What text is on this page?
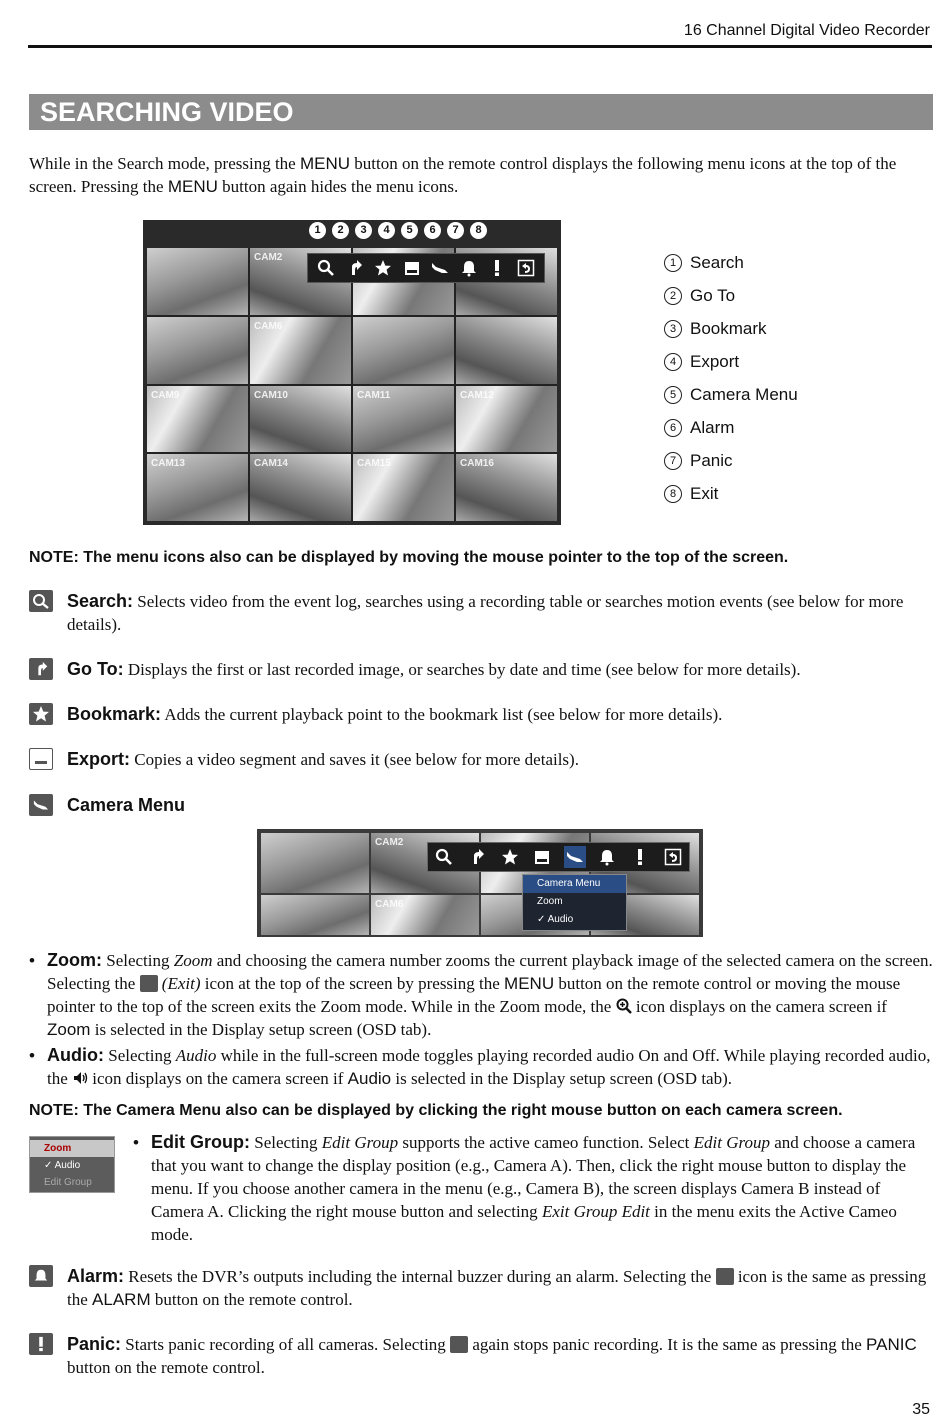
16 Channel Digital Video Recorder
SEARCHING VIDEO
While in the Search mode, pressing the MENU button on the remote control displays the following menu icons at the top of the screen. Pressing the MENU button again hides the menu icons.
CAM2
CAM6
CAM9	CAM10	CAM11	CAM12
CAM13	CAM14	CAM15	CAM16
1	2	3	4	5	6	7	8
1 Search
2 Go To
3 Bookmark
4 Export
5 Camera Menu
6 Alarm
7 Panic
8 Exit
NOTE: The menu icons also can be displayed by moving the mouse pointer to the top of the screen.
Search: Selects video from the event log, searches using a recording table or searches motion events (see below for more details).
Go To: Displays the first or last recorded image, or searches by date and time (see below for more details).
Bookmark: Adds the current playback point to the bookmark list (see below for more details).
Export: Copies a video segment and saves it (see below for more details).
Camera Menu
CAM2
CAM6
Camera Menu
Zoom
✓ Audio
• Zoom: Selecting Zoom and choosing the camera number zooms the current playback image of the selected camera on the screen. Selecting the  (Exit) icon at the top of the screen by pressing the MENU button on the remote control or moving the mouse pointer to the top of the screen exits the Zoom mode. While in the Zoom mode, the  icon displays on the camera screen if Zoom is selected in the Display setup screen (OSD tab).
• Audio: Selecting Audio while in the full-screen mode toggles playing recorded audio On and Off. While playing recorded audio, the  icon displays on the camera screen if Audio is selected in the Display setup screen (OSD tab).
NOTE: The Camera Menu also can be displayed by clicking the right mouse button on each camera screen.
Zoom
✓ Audio
Edit Group
• Edit Group: Selecting Edit Group supports the active cameo function. Select Edit Group and choose a camera that you want to change the display position (e.g., Camera A). Then, click the right mouse button to display the menu. If you choose another camera in the menu (e.g., Camera B), the screen displays Camera B instead of Camera A. Clicking the right mouse button and selecting Exit Group Edit in the menu exits the Active Cameo mode.
Alarm: Resets the DVR’s outputs including the internal buzzer during an alarm. Selecting the  icon is the same as pressing the ALARM button on the remote control.
Panic: Starts panic recording of all cameras. Selecting  again stops panic recording. It is the same as pressing the PANIC button on the remote control.
35
